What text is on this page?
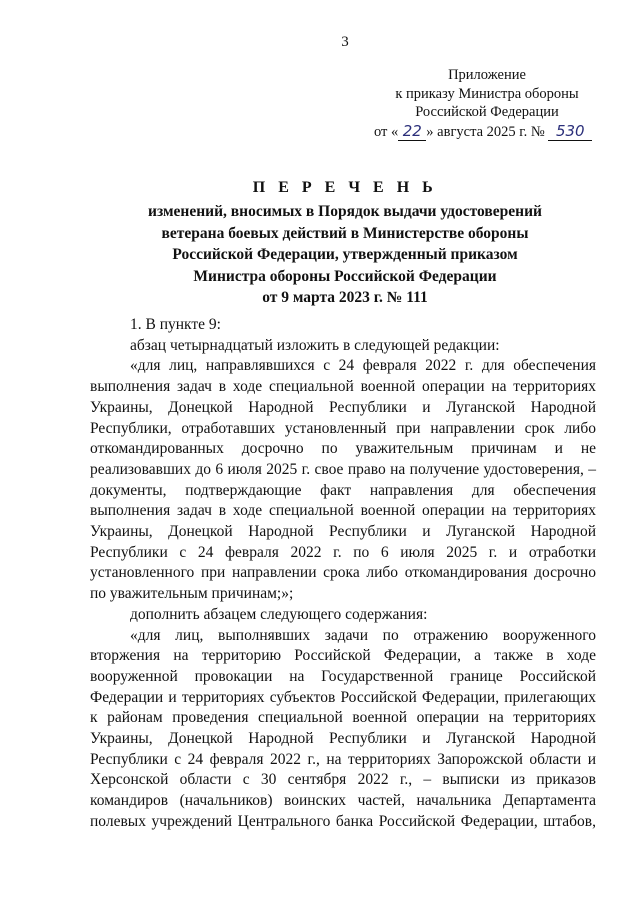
3
Приложение
к приказу Министра обороны
Российской Федерации
от « 22 » августа 2025 г. № 530
П Е Р Е Ч Е Н Ь
изменений, вносимых в Порядок выдачи удостоверений
ветерана боевых действий в Министерстве обороны
Российской Федерации, утвержденный приказом
Министра обороны Российской Федерации
от 9 марта 2023 г. № 111

1. В пункте 9:

абзац четырнадцатый изложить в следующей редакции:

«для лиц, направлявшихся с 24 февраля 2022 г. для обеспечения выполнения задач в ходе специальной военной операции на территориях Украины, Донецкой Народной Республики и Луганской Народной Республики, отработавших установленный при направлении срок либо откомандированных досрочно по уважительным причинам и не реализовавших до 6 июля 2025 г. свое право на получение удостоверения, – документы, подтверждающие факт направления для обеспечения выполнения задач в ходе специальной военной операции на территориях Украины, Донецкой Народной Республики и Луганской Народной Республики с 24 февраля 2022 г. по 6 июля 2025 г. и отработки установленного при направлении срока либо откомандирования досрочно по уважительным причинам;»;

дополнить абзацем следующего содержания:

«для лиц, выполнявших задачи по отражению вооруженного вторжения на территорию Российской Федерации, а также в ходе вооруженной провокации на Государственной границе Российской Федерации и территориях субъектов Российской Федерации, прилегающих к районам проведения специальной военной операции на территориях Украины, Донецкой Народной Республики и Луганской Народной Республики с 24 февраля 2022 г., на территориях Запорожской области и Херсонской области с 30 сентября 2022 г., – выписки из приказов командиров (начальников) воинских частей, начальника Департамента полевых учреждений Центрального банка Российской Федерации, штабов,
